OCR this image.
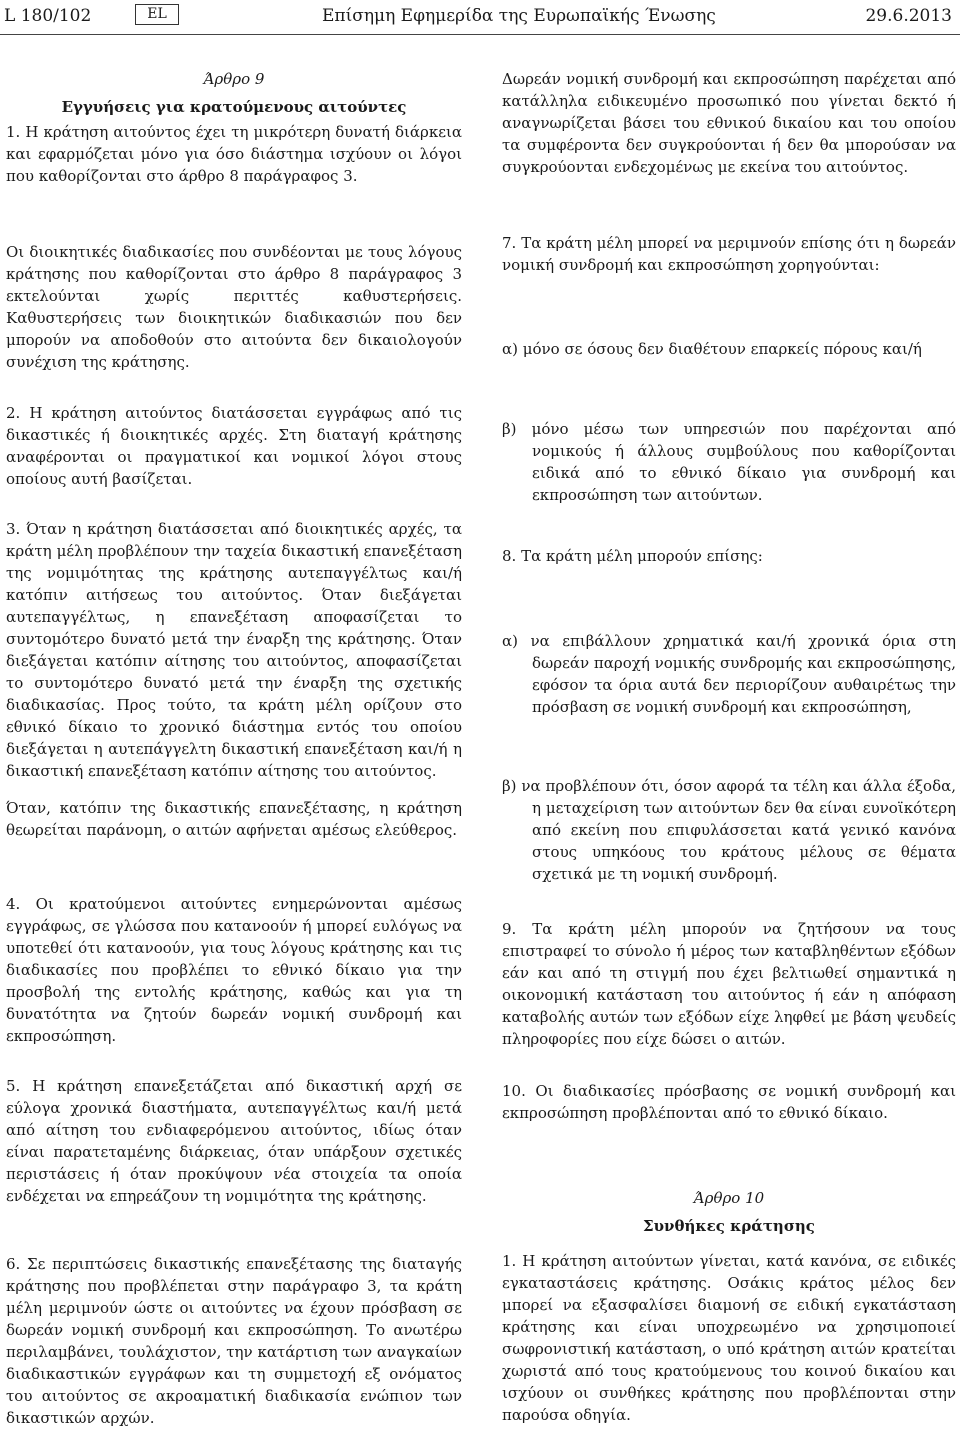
L 180/102	EL	Επίσημη Εφημερίδα της Ευρωπαϊκής Ένωσης	29.6.2013

Άρθρο 9

Εγγυήσεις για κρατούμενους αιτούντες

1. Η κράτηση αιτούντος έχει τη μικρότερη δυνατή διάρκεια και εφαρμόζεται μόνο για όσο διάστημα ισχύουν οι λόγοι που καθορίζονται στο άρθρο 8 παράγραφος 3.

Οι διοικητικές διαδικασίες που συνδέονται με τους λόγους κράτησης που καθορίζονται στο άρθρο 8 παράγραφος 3 εκτελούνται χωρίς περιττές καθυστερήσεις. Καθυστερήσεις των διοικητικών διαδικασιών που δεν μπορούν να αποδοθούν στο αιτούντα δεν δικαιολογούν συνέχιση της κράτησης.

2. Η κράτηση αιτούντος διατάσσεται εγγράφως από τις δικαστικές ή διοικητικές αρχές. Στη διαταγή κράτησης αναφέρονται οι πραγματικοί και νομικοί λόγοι στους οποίους αυτή βασίζεται.

3. Όταν η κράτηση διατάσσεται από διοικητικές αρχές, τα κράτη μέλη προβλέπουν την ταχεία δικαστική επανεξέταση της νομιμότητας της κράτησης αυτεπαγγέλτως και/ή κατόπιν αιτήσεως του αιτούντος. Όταν διεξάγεται αυτεπαγγέλτως, η επανεξέταση αποφασίζεται το συντομότερο δυνατό μετά την έναρξη της κράτησης. Όταν διεξάγεται κατόπιν αίτησης του αιτούντος, αποφασίζεται το συντομότερο δυνατό μετά την έναρξη της σχετικής διαδικασίας. Προς τούτο, τα κράτη μέλη ορίζουν στο εθνικό δίκαιο το χρονικό διάστημα εντός του οποίου διεξάγεται η αυτεπάγγελτη δικαστική επανεξέταση και/ή η δικαστική επανεξέταση κατόπιν αίτησης του αιτούντος.

Όταν, κατόπιν της δικαστικής επανεξέτασης, η κράτηση θεωρείται παράνομη, ο αιτών αφήνεται αμέσως ελεύθερος.

4. Οι κρατούμενοι αιτούντες ενημερώνονται αμέσως εγγράφως, σε γλώσσα που κατανοούν ή μπορεί ευλόγως να υποτεθεί ότι κατανοούν, για τους λόγους κράτησης και τις διαδικασίες που προβλέπει το εθνικό δίκαιο για την προσβολή της εντολής κράτησης, καθώς και για τη δυνατότητα να ζητούν δωρεάν νομική συνδρομή και εκπροσώπηση.

5. Η κράτηση επανεξετάζεται από δικαστική αρχή σε εύλογα χρονικά διαστήματα, αυτεπαγγέλτως και/ή μετά από αίτηση του ενδιαφερόμενου αιτούντος, ιδίως όταν είναι παρατεταμένης διάρκειας, όταν υπάρξουν σχετικές περιστάσεις ή όταν προκύψουν νέα στοιχεία τα οποία ενδέχεται να επηρεάζουν τη νομιμότητα της κράτησης.

6. Σε περιπτώσεις δικαστικής επανεξέτασης της διαταγής κράτησης που προβλέπεται στην παράγραφο 3, τα κράτη μέλη μεριμνούν ώστε οι αιτούντες να έχουν πρόσβαση σε δωρεάν νομική συνδρομή και εκπροσώπηση. Το ανωτέρω περιλαμβάνει, τουλάχιστον, την κατάρτιση των αναγκαίων διαδικαστικών εγγράφων και τη συμμετοχή εξ ονόματος του αιτούντος σε ακροαματική διαδικασία ενώπιον των δικαστικών αρχών.

Δωρεάν νομική συνδρομή και εκπροσώπηση παρέχεται από κατάλληλα ειδικευμένο προσωπικό που γίνεται δεκτό ή αναγνωρίζεται βάσει του εθνικού δικαίου και του οποίου τα συμφέροντα δεν συγκρούονται ή δεν θα μπορούσαν να συγκρούονται ενδεχομένως με εκείνα του αιτούντος.

7. Τα κράτη μέλη μπορεί να μεριμνούν επίσης ότι η δωρεάν νομική συνδρομή και εκπροσώπηση χορηγούνται:

α) μόνο σε όσους δεν διαθέτουν επαρκείς πόρους και/ή

β) μόνο μέσω των υπηρεσιών που παρέχονται από νομικούς ή άλλους συμβούλους που καθορίζονται ειδικά από το εθνικό δίκαιο για συνδρομή και εκπροσώπηση των αιτούντων.

8. Τα κράτη μέλη μπορούν επίσης:

α) να επιβάλλουν χρηματικά και/ή χρονικά όρια στη δωρεάν παροχή νομικής συνδρομής και εκπροσώπησης, εφόσον τα όρια αυτά δεν περιορίζουν αυθαιρέτως την πρόσβαση σε νομική συνδρομή και εκπροσώπηση,

β) να προβλέπουν ότι, όσον αφορά τα τέλη και άλλα έξοδα, η μεταχείριση των αιτούντων δεν θα είναι ευνοϊκότερη από εκείνη που επιφυλάσσεται κατά γενικό κανόνα στους υπηκόους του κράτους μέλους σε θέματα σχετικά με τη νομική συνδρομή.

9. Τα κράτη μέλη μπορούν να ζητήσουν να τους επιστραφεί το σύνολο ή μέρος των καταβληθέντων εξόδων εάν και από τη στιγμή που έχει βελτιωθεί σημαντικά η οικονομική κατάσταση του αιτούντος ή εάν η απόφαση καταβολής αυτών των εξόδων είχε ληφθεί με βάση ψευδείς πληροφορίες που είχε δώσει ο αιτών.

10. Οι διαδικασίες πρόσβασης σε νομική συνδρομή και εκπροσώπηση προβλέπονται από το εθνικό δίκαιο.

Άρθρο 10

Συνθήκες κράτησης

1. Η κράτηση αιτούντων γίνεται, κατά κανόνα, σε ειδικές εγκαταστάσεις κράτησης. Οσάκις κράτος μέλος δεν μπορεί να εξασφαλίσει διαμονή σε ειδική εγκατάσταση κράτησης και είναι υποχρεωμένο να χρησιμοποιεί σωφρονιστική κατάσταση, ο υπό κράτηση αιτών κρατείται χωριστά από τους κρατούμενους του κοινού δικαίου και ισχύουν οι συνθήκες κράτησης που προβλέπονται στην παρούσα οδηγία.
